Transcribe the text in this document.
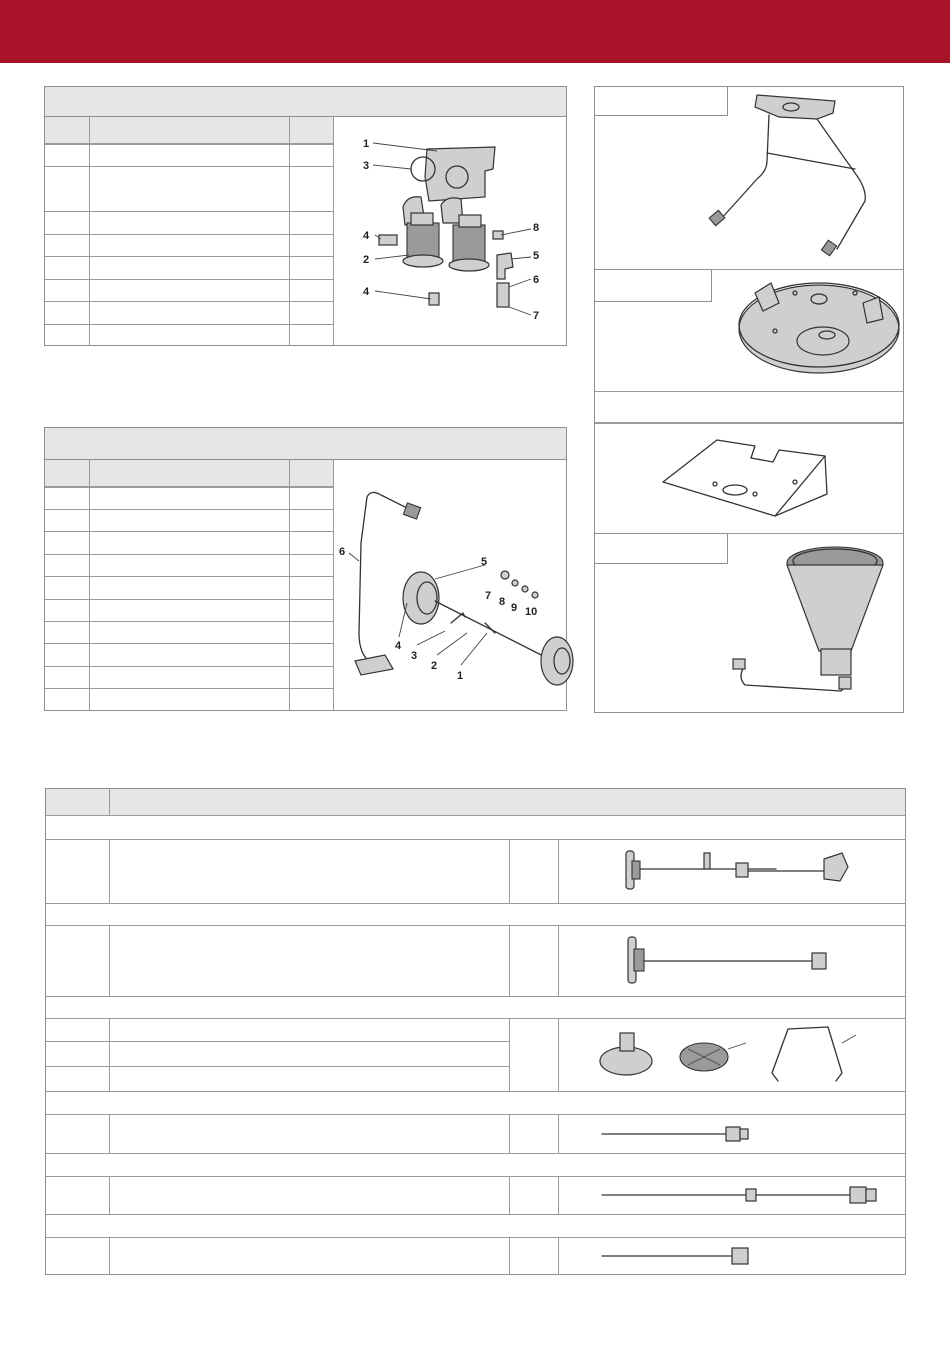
1
3
4
2
4
8
5
6
7
6
5
4
3
2
1
7 8 9 10
